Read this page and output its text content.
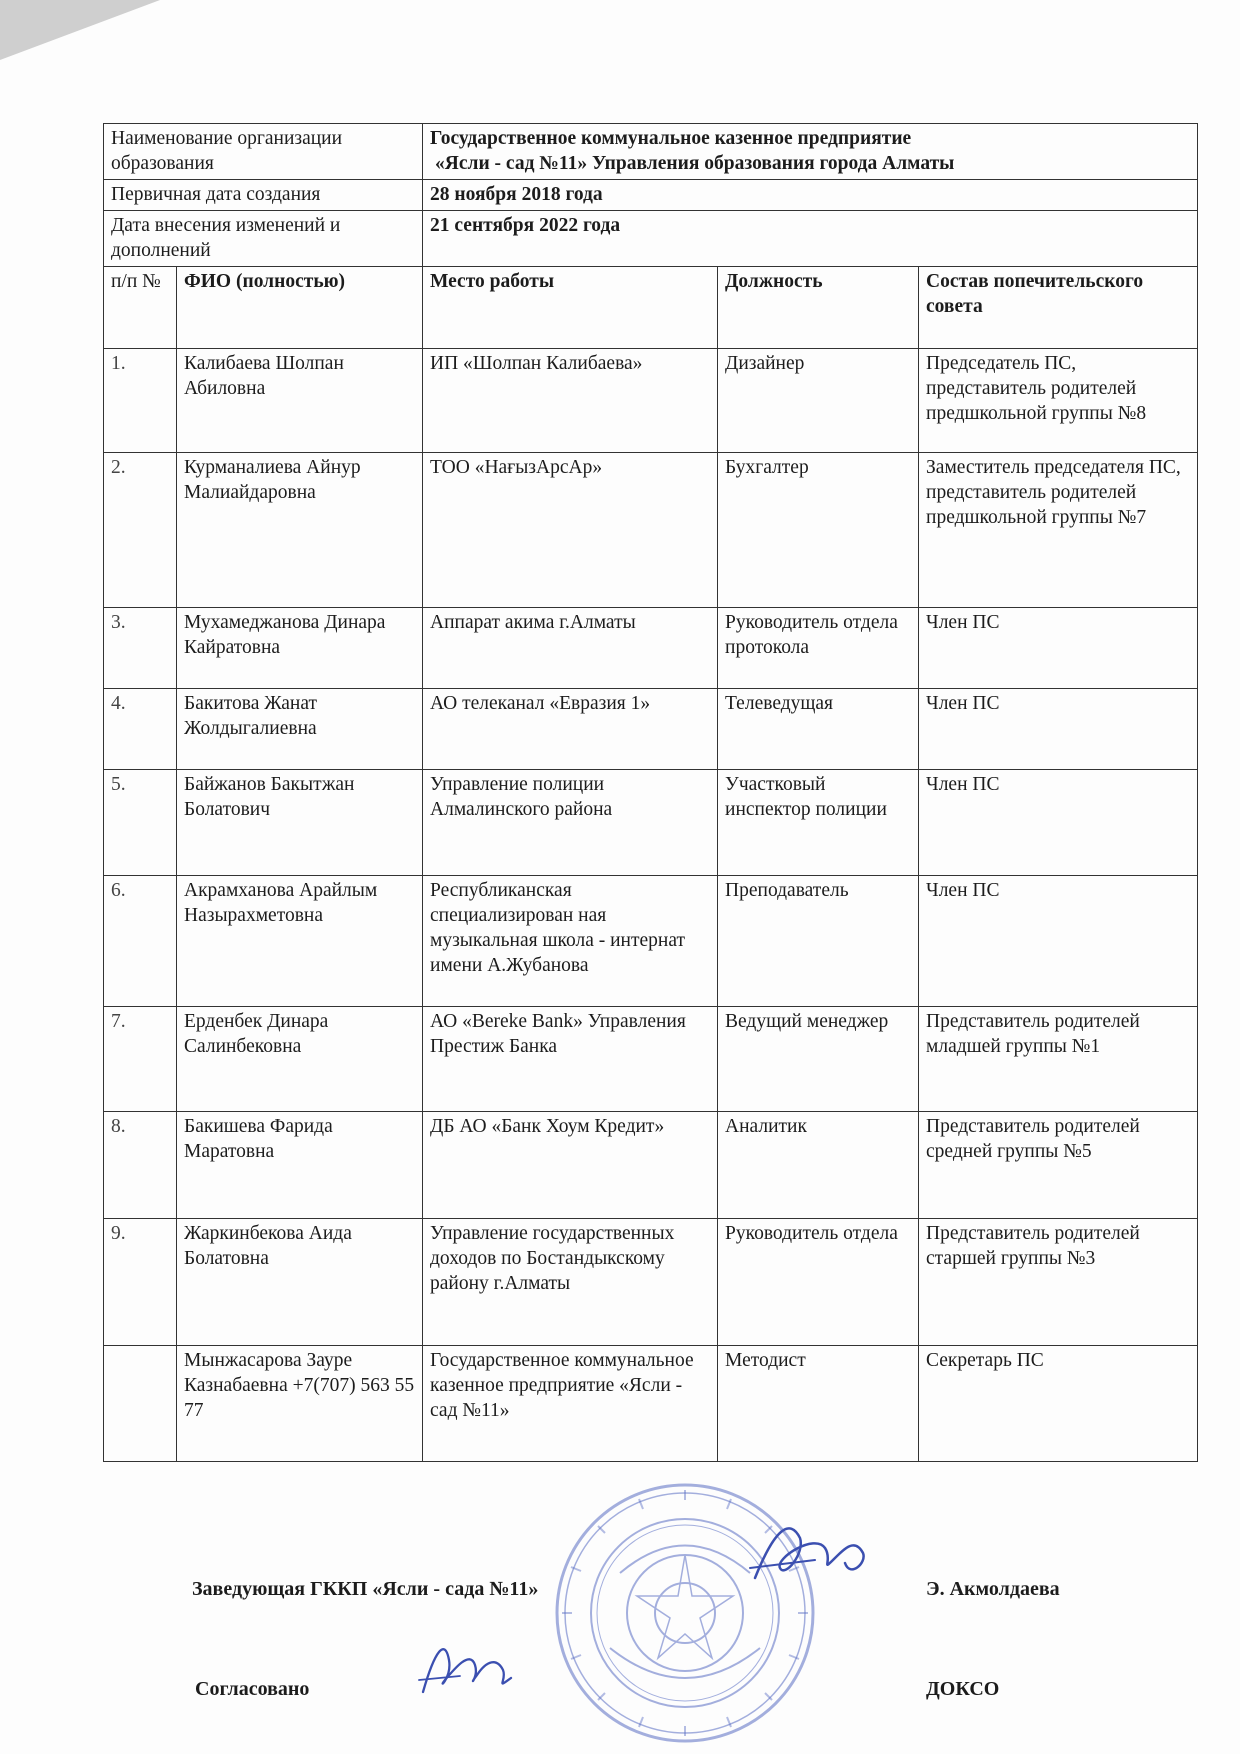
Наименование организации образования		Государственное коммунальное казенное предприятие
«Ясли - сад №11» Управления образования города Алматы		

Первичная дата создания		28 ноября 2018 года		
Дата внесения изменений и дополнений		21 сентября 2022 года		
п/п №	ФИО (полностью)	Место работы	Должность	Состав попечительского совета
1.	Калибаева Шолпан Абиловна	ИП «Шолпан Калибаева»	Дизайнер	Председатель ПС, представитель родителей предшкольной группы №8
2.	Курманалиева Айнур Малиайдаровна	ТОО «НағызАрсАр»	Бухгалтер	Заместитель председателя ПС, представитель родителей предшкольной группы №7
3.	Мухамеджанова Динара Кайратовна	Аппарат акима г.Алматы	Руководитель отдела протокола	Член ПС
4.	Бакитова Жанат Жолдыгалиевна	АО телеканал «Евразия 1»	Телеведущая	Член ПС
5.	Байжанов Бакытжан Болатович	Управление полиции Алмалинского района	Участковый инспектор полиции	Член ПС
6.	Акрамханова Арайлым Назырахметовна	Республиканская специализирован ная музыкальная школа - интернат имени А.Жубанова	Преподаватель	Член ПС
7.	Ерденбек Динара Салинбековна	АО «Bereke Bank» Управления Престиж Банка	Ведущий менеджер	Представитель родителей младшей группы №1
8.	Бакишева Фарида Маратовна	ДБ АО «Банк Хоум Кредит»	Аналитик	Представитель родителей средней группы №5
9.	Жаркинбекова Аида Болатовна	Управление государственных доходов по Бостандыкскому району г.Алматы	Руководитель отдела	Представитель родителей старшей группы №3
	Мынжасарова Зауре Казнабаевна +7(707) 563 55 77	Государственное коммунальное казенное предприятие «Ясли - сад №11»	Методист	Секретарь ПС
Заведующая ГККП «Ясли - сада №11»	Э. Акмолдаева
Согласовано	ДОКСО
